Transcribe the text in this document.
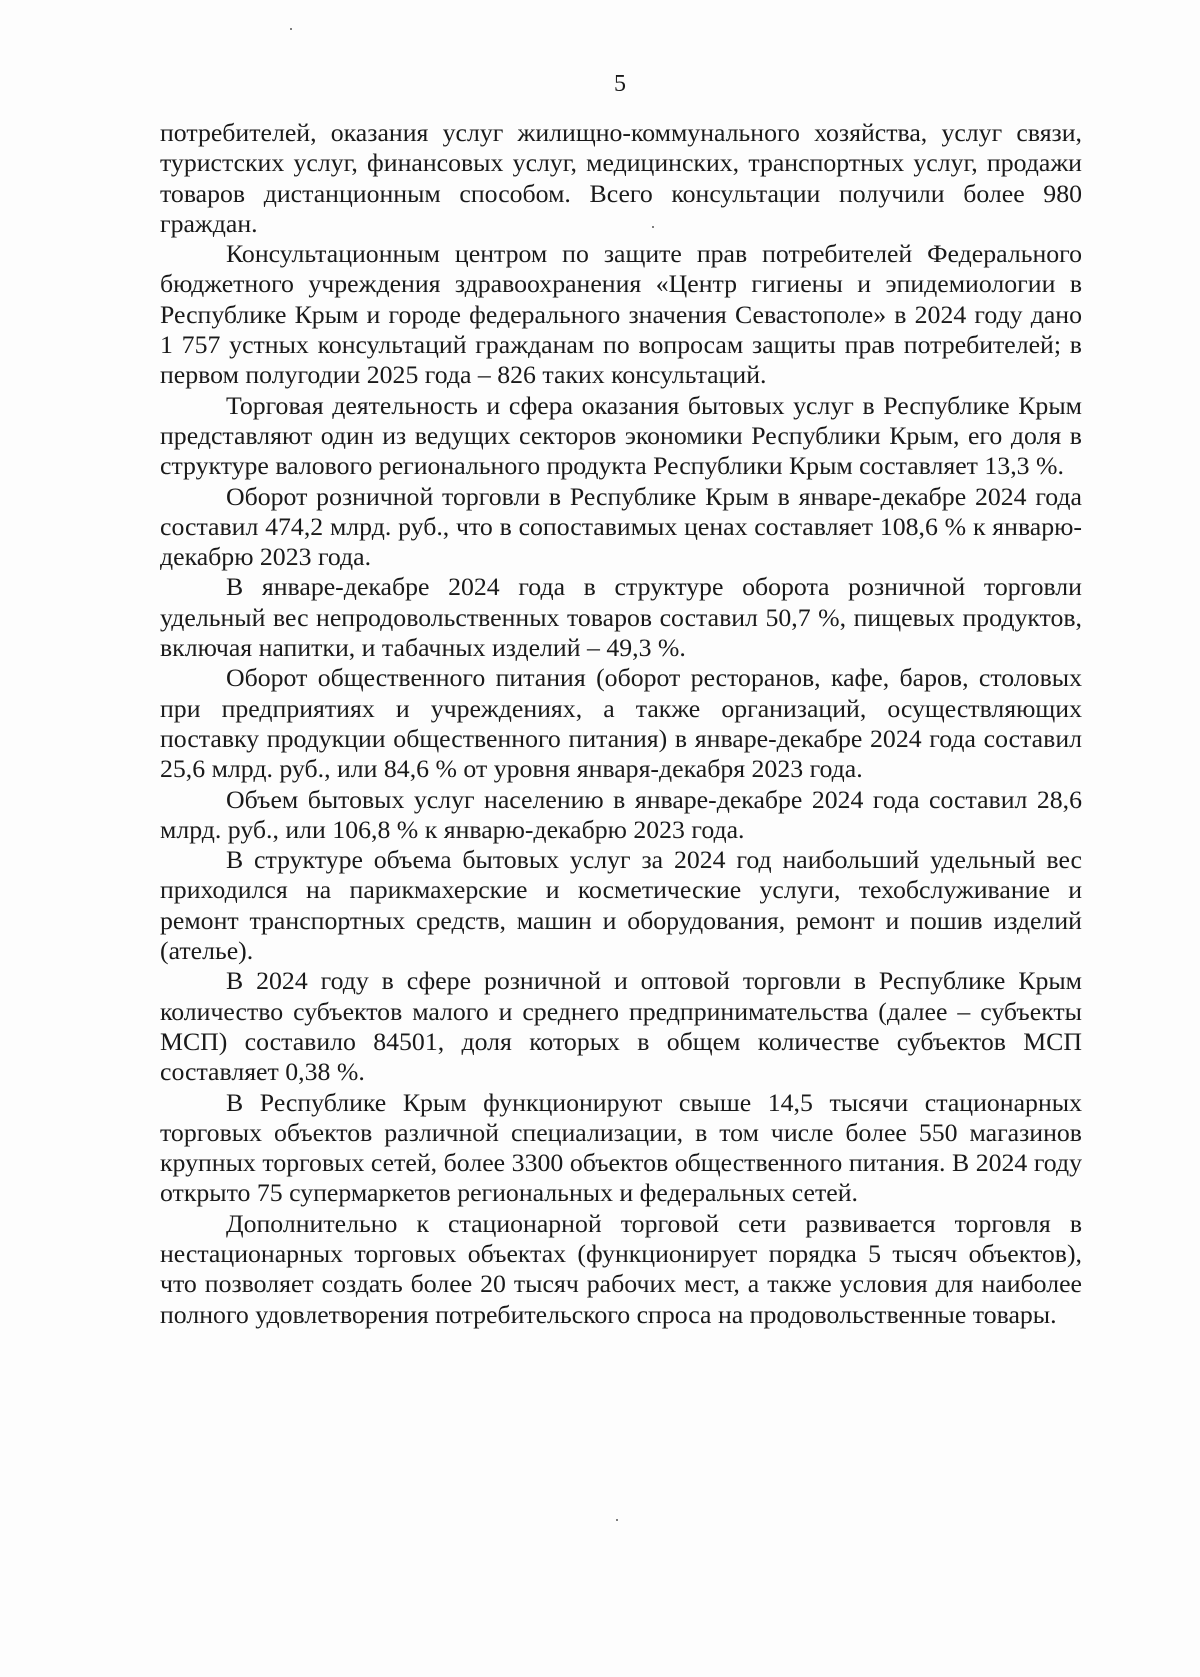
5

потребителей, оказания услуг жилищно-коммунального хозяйства, услуг связи, туристских услуг, финансовых услуг, медицинских, транспортных услуг, продажи товаров дистанционным способом. Всего консультации получили более 980 граждан.

Консультационным центром по защите прав потребителей Федерального бюджетного учреждения здравоохранения «Центр гигиены и эпидемиологии в Республике Крым и городе федерального значения Севастополе» в 2024 году дано 1 757 устных консультаций гражданам по вопросам защиты прав потребителей; в первом полугодии 2025 года – 826 таких консультаций.

Торговая деятельность и сфера оказания бытовых услуг в Республике Крым представляют один из ведущих секторов экономики Республики Крым, его доля в структуре валового регионального продукта Республики Крым составляет 13,3 %.

Оборот розничной торговли в Республике Крым в январе-декабре 2024 года составил 474,2 млрд. руб., что в сопоставимых ценах составляет 108,6 % к январю-декабрю 2023 года.

В январе-декабре 2024 года в структуре оборота розничной торговли удельный вес непродовольственных товаров составил 50,7 %, пищевых продуктов, включая напитки, и табачных изделий – 49,3 %.

Оборот общественного питания (оборот ресторанов, кафе, баров, столовых при предприятиях и учреждениях, а также организаций, осуществляющих поставку продукции общественного питания) в январе-декабре 2024 года составил 25,6 млрд. руб., или 84,6 % от уровня января-декабря 2023 года.

Объем бытовых услуг населению в январе-декабре 2024 года составил 28,6 млрд. руб., или 106,8 % к январю-декабрю 2023 года.

В структуре объема бытовых услуг за 2024 год наибольший удельный вес приходился на парикмахерские и косметические услуги, техобслуживание и ремонт транспортных средств, машин и оборудования, ремонт и пошив изделий (ателье).

В 2024 году в сфере розничной и оптовой торговли в Республике Крым количество субъектов малого и среднего предпринимательства (далее – субъекты МСП) составило 84501, доля которых в общем количестве субъектов МСП составляет 0,38 %.

В Республике Крым функционируют свыше 14,5 тысячи стационарных торговых объектов различной специализации, в том числе более 550 магазинов крупных торговых сетей, более 3300 объектов общественного питания. В 2024 году открыто 75 супермаркетов региональных и федеральных сетей.

Дополнительно к стационарной торговой сети развивается торговля в нестационарных торговых объектах (функционирует порядка 5 тысяч объектов), что позволяет создать более 20 тысяч рабочих мест, а также условия для наиболее полного удовлетворения потребительского спроса на продовольственные товары.
